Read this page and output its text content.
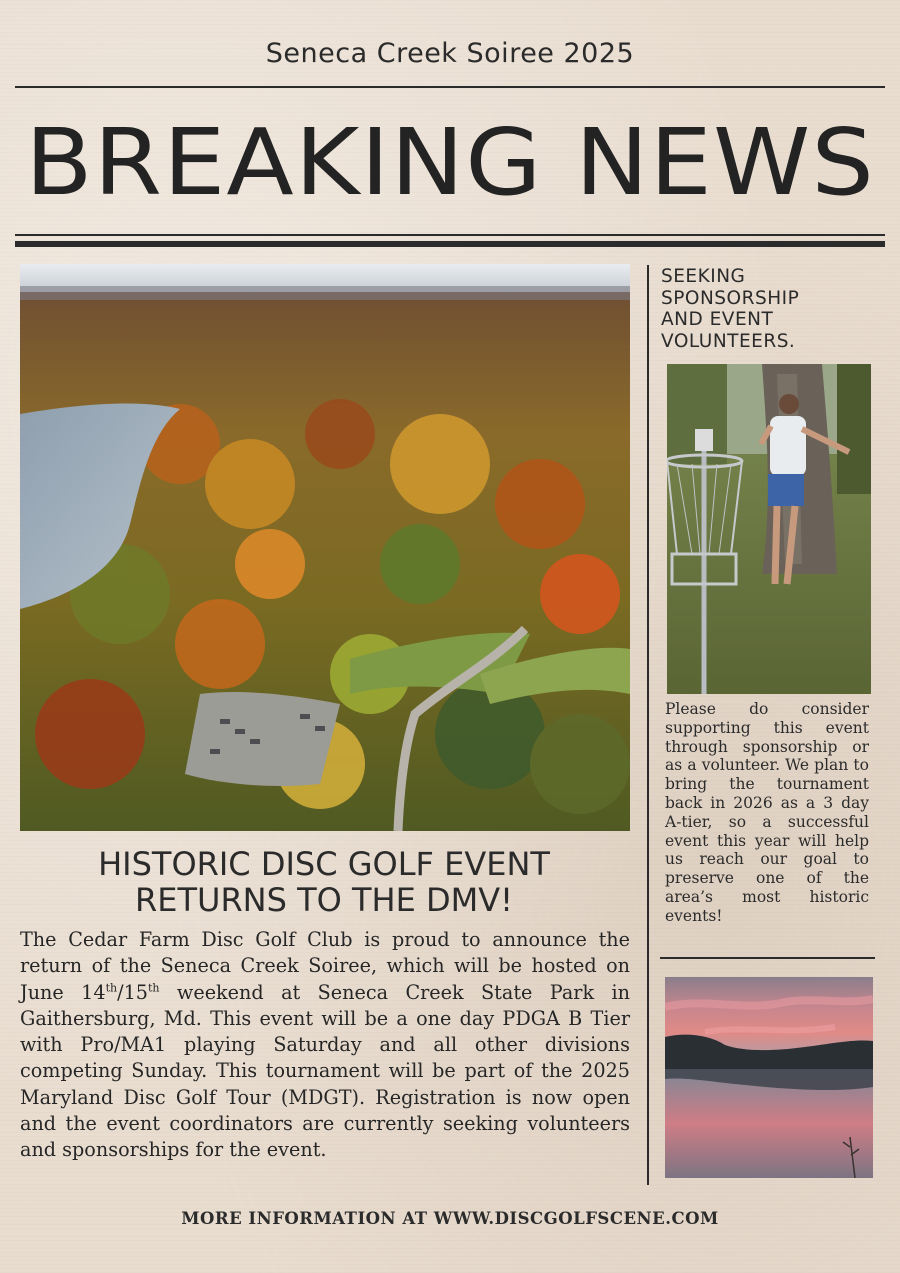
Seneca Creek Soiree 2025
BREAKING NEWS
HISTORIC DISC GOLF EVENT
RETURNS TO THE DMV!
The Cedar Farm Disc Golf Club is proud to announce the return of the Seneca Creek Soiree, which will be hosted on June 14th/15th weekend at Seneca Creek State Park in Gaithersburg, Md. This event will be a one day PDGA B Tier with Pro/MA1 playing Saturday and all other divisions competing Sunday. This tournament will be part of the 2025 Maryland Disc Golf Tour (MDGT). Registration is now open and the event coordinators are currently seeking volunteers and sponsorships for the event.
SEEKING
SPONSORSHIP
AND EVENT
VOLUNTEERS.
Please do consider supporting this event through sponsorship or as a volunteer. We plan to bring the tournament back in 2026 as a 3 day A-tier, so a successful event this year will help us reach our goal to preserve one of the area’s most historic events!
MORE INFORMATION AT WWW.DISCGOLFSCENE.COM
